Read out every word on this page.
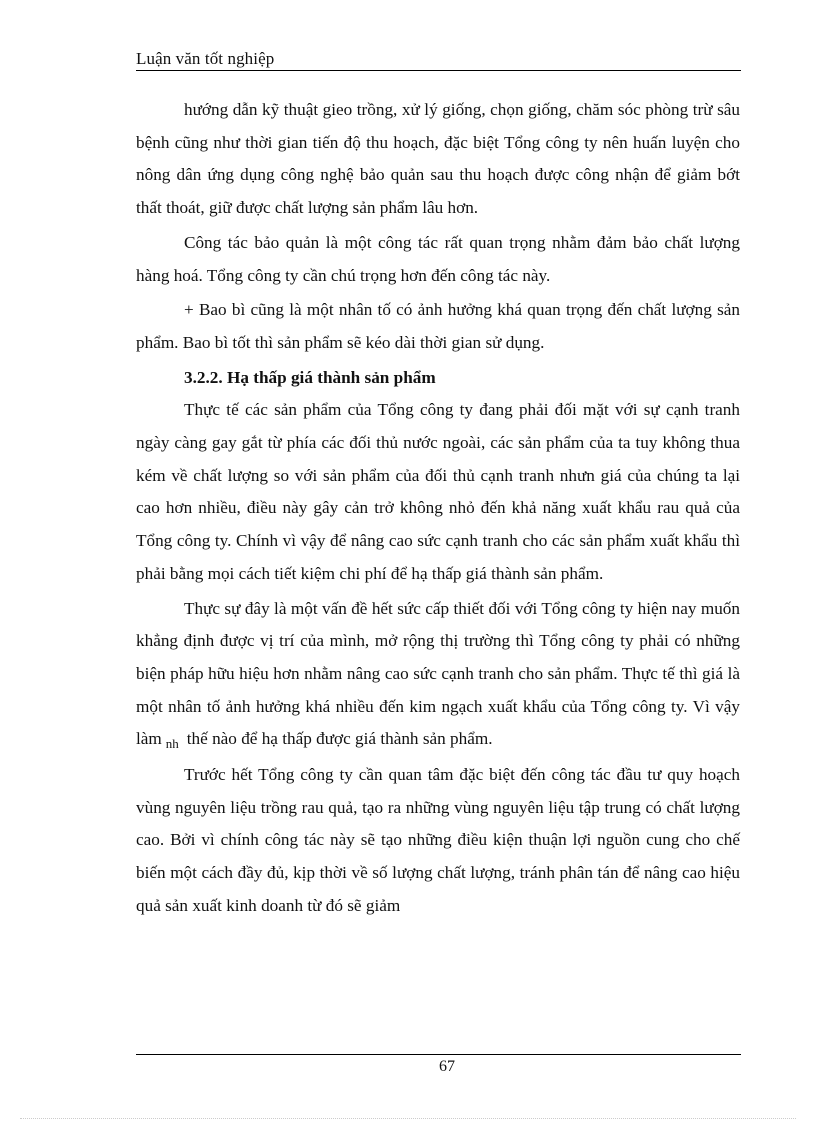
Luận văn tốt nghiệp

hướng dẫn kỹ thuật gieo trồng, xử lý giống, chọn giống, chăm sóc phòng trừ sâu bệnh cũng như thời gian tiến độ thu hoạch, đặc biệt Tổng công ty nên huấn luyện cho nông dân ứng dụng công nghệ bảo quản sau thu hoạch được công nhận để giảm bớt thất thoát, giữ được chất lượng sản phẩm lâu hơn.

Công tác bảo quản là một công tác rất quan trọng nhằm đảm bảo chất lượng hàng hoá. Tổng công ty cần chú trọng hơn đến công tác này.

+ Bao bì cũng là một nhân tố có ảnh hưởng khá quan trọng đến chất lượng sản phẩm. Bao bì tốt thì sản phẩm sẽ kéo dài thời gian sử dụng.

3.2.2. Hạ thấp giá thành sản phẩm

Thực tế các sản phẩm của Tổng công ty đang phải đối mặt với sự cạnh tranh ngày càng gay gắt từ phía các đối thủ nước ngoài, các sản phẩm của ta tuy không thua kém về chất lượng so với sản phẩm của đối thủ cạnh tranh nhưn giá của chúng ta lại cao hơn nhiều, điều này gây cản trở không nhỏ đến khả năng xuất khẩu rau quả của Tổng công ty. Chính vì vậy để nâng cao sức cạnh tranh cho các sản phẩm xuất khẩu thì phải bằng mọi cách tiết kiệm chi phí để hạ thấp giá thành sản phẩm.

Thực sự đây là một vấn đề hết sức cấp thiết đối với Tổng công ty hiện nay muốn khẳng định được vị trí của mình, mở rộng thị trường thì Tổng công ty phải có những biện pháp hữu hiệu hơn nhằm nâng cao sức cạnh tranh cho sản phẩm. Thực tế thì giá là một nhân tố ảnh hưởng khá nhiều đến kim ngạch xuất khẩu của Tổng công ty. Vì vậy làm $_{nh}$ thế nào để hạ thấp được giá thành sản phẩm.

Trước hết Tổng công ty cần quan tâm đặc biệt đến công tác đầu tư quy hoạch vùng nguyên liệu trồng rau quả, tạo ra những vùng nguyên liệu tập trung có chất lượng cao. Bởi vì chính công tác này sẽ tạo những điều kiện thuận lợi nguồn cung cho chế biến một cách đầy đủ, kịp thời về số lượng chất lượng, tránh phân tán để nâng cao hiệu quả sản xuất kinh doanh từ đó sẽ giảm

67
